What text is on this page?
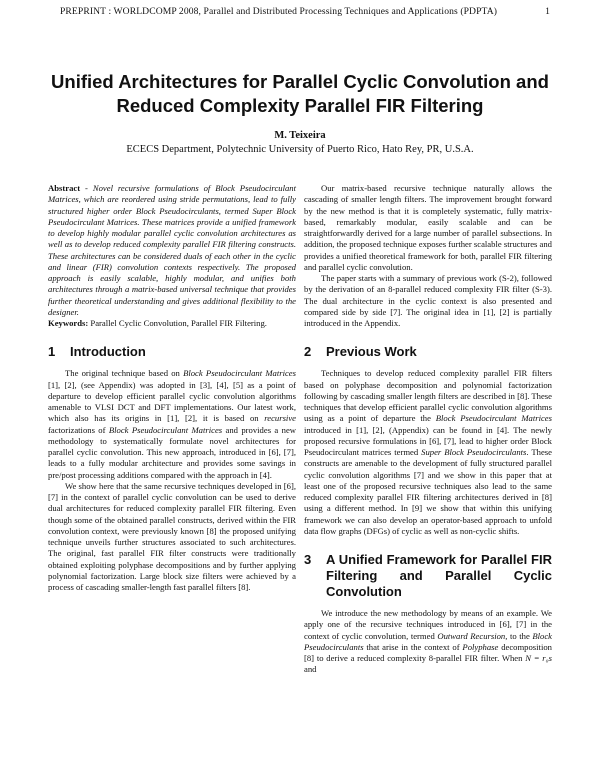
PREPRINT : WORLDCOMP 2008, Parallel and Distributed Processing Techniques and Applications (PDPTA)	1
Unified Architectures for Parallel Cyclic Convolution and Reduced Complexity Parallel FIR Filtering
M. Teixeira
ECECS Department, Polytechnic University of Puerto Rico, Hato Rey, PR, U.S.A.

Abstract - Novel recursive formulations of Block Pseudocirculant Matrices, which are reordered using stride permutations, lead to fully structured higher order Block Pseudocirculants, termed Super Block Pseudocirculant Matrices. These matrices provide a unified framework to develop highly modular parallel cyclic convolution architectures as well as to develop reduced complexity parallel FIR filtering constructs. These architectures can be considered duals of each other in the cyclic and linear (FIR) convolution contexts respectively. The proposed approach is easily scalable, highly modular, and unifies both architectures through a matrix-based universal technique that provides further theoretical understanding and gives additional flexibility to the designer.

Keywords: Parallel Cyclic Convolution, Parallel FIR Filtering.

1	Introduction

The original technique based on Block Pseudocirculant Matrices [1], [2], (see Appendix) was adopted in [3], [4], [5] as a point of departure to develop efficient parallel cyclic convolution algorithms amenable to VLSI DCT and DFT implementations. Our latest work, which also has its origins in [1], [2], it is based on recursive factorizations of Block Pseudocirculant Matrices and provides a new methodology to systematically formulate novel architectures for parallel cyclic convolution. This new approach, introduced in [6], [7], leads to a fully modular architecture and provides some savings in pre/post processing additions compared with the approach in [4].

We show here that the same recursive techniques developed in [6], [7] in the context of parallel cyclic convolution can be used to derive dual architectures for reduced complexity parallel FIR filtering. Even though some of the obtained parallel constructs, derived within the FIR convolution context, were previously known [8] the proposed unifying technique unveils further structures associated to such architectures. The original, fast parallel FIR filter constructs were traditionally obtained exploiting polyphase decompositions and by further applying polynomial factorization. Large block size filters were achieved by a process of cascading smaller-length fast parallel filters [8].

Our matrix-based recursive technique naturally allows the cascading of smaller length filters. The improvement brought forward by the new method is that it is completely systematic, fully matrix-based, remarkably modular, easily scalable and can be straightforwardly derived for a large number of parallel subsections. In addition, the proposed technique exposes further scalable structures and provides a unified theoretical framework for both, parallel FIR filtering and parallel cyclic convolution.

The paper starts with a summary of previous work (S-2), followed by the derivation of an 8-parallel reduced complexity FIR filter (S-3). The dual architecture in the cyclic context is also presented and compared side by side [7]. The original idea in [1], [2] is partially introduced in the Appendix.

2	Previous Work

Techniques to develop reduced complexity parallel FIR filters based on polyphase decomposition and polynomial factorization following by cascading smaller length filters are described in [8]. These techniques that develop efficient parallel cyclic convolution algorithms using as a point of departure the Block Pseudocirculant Matrices introduced in [1], [2], (Appendix) can be found in [4]. The newly proposed recursive formulations in [6], [7], lead to higher order Block Pseudocirculant matrices termed Super Block Pseudocirculants. These constructs are amenable to the development of fully structured parallel cyclic convolution algorithms [7] and we show in this paper that at least one of the proposed recursive techniques also lead to the same reduced complexity parallel FIR filtering architectures derived in [8] using a different method. In [9] we show that within this unifying framework we can also develop an operator-based approach to unfold data flow graphs (DFGs) of cyclic as well as non-cyclic shifts.

3	A Unified Framework for Parallel FIR Filtering and Parallel Cyclic Convolution

We introduce the new methodology by means of an example. We apply one of the recursive techniques introduced in [6], [7] in the context of cyclic convolution, termed Outward Recursion, to the Block Pseudocirculants that arise in the context of Polyphase decomposition [8] to derive a reduced complexity 8-parallel FIR filter. When N = r₀s and
